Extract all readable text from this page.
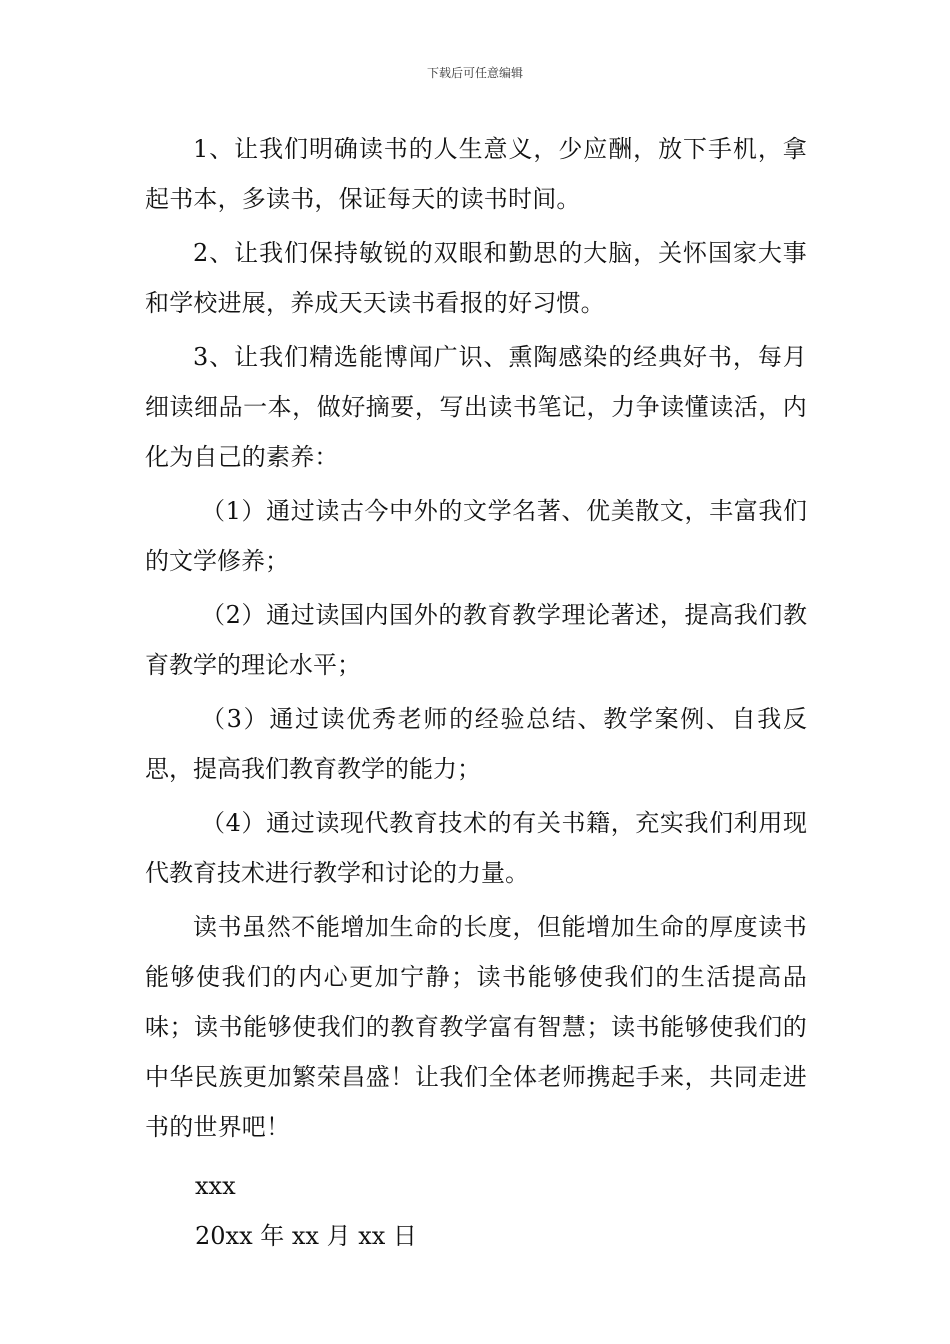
下载后可任意编辑

1、让我们明确读书的人生意义，少应酬，放下手机，拿起书本，多读书，保证每天的读书时间。

2、让我们保持敏锐的双眼和勤思的大脑，关怀国家大事和学校进展，养成天天读书看报的好习惯。

3、让我们精选能博闻广识、熏陶感染的经典好书，每月细读细品一本，做好摘要，写出读书笔记，力争读懂读活，内化为自己的素养：

（1）通过读古今中外的文学名著、优美散文，丰富我们的文学修养；

（2）通过读国内国外的教育教学理论著述，提高我们教育教学的理论水平；

（3）通过读优秀老师的经验总结、教学案例、自我反思，提高我们教育教学的能力；

（4）通过读现代教育技术的有关书籍，充实我们利用现代教育技术进行教学和讨论的力量。

读书虽然不能增加生命的长度，但能增加生命的厚度读书能够使我们的内心更加宁静；读书能够使我们的生活提高品味；读书能够使我们的教育教学富有智慧；读书能够使我们的中华民族更加繁荣昌盛！让我们全体老师携起手来，共同走进书的世界吧！

xxx
20xx 年 xx 月 xx 日
